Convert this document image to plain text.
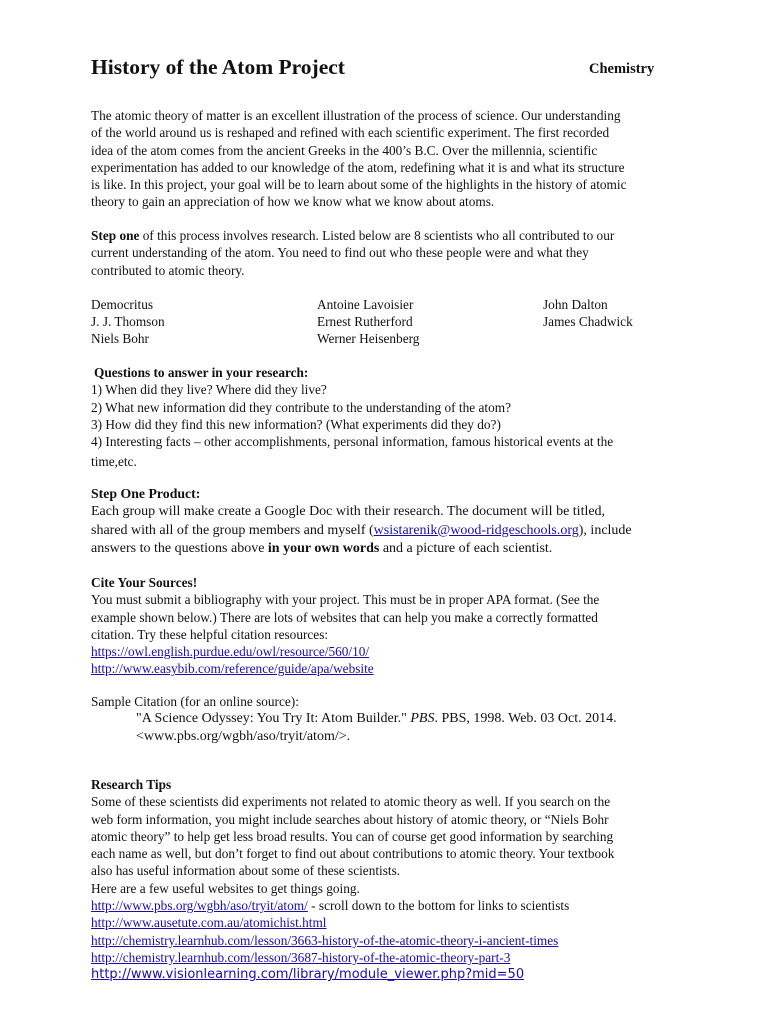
History of the Atom Project	Chemistry
The atomic theory of matter is an excellent illustration of the process of science. Our understanding
of the world around us is reshaped and refined with each scientific experiment. The first recorded
idea of the atom comes from the ancient Greeks in the 400’s B.C. Over the millennia, scientific
experimentation has added to our knowledge of the atom, redefining what it is and what its structure
is like. In this project, your goal will be to learn about some of the highlights in the history of atomic
theory to gain an appreciation of how we know what we know about atoms.
Step one of this process involves research. Listed below are 8 scientists who all contributed to our
current understanding of the atom. You need to find out who these people were and what they
contributed to atomic theory.
Democritus
J. J. Thomson
Niels Bohr
Antoine Lavoisier
Ernest Rutherford
Werner Heisenberg
John Dalton
James Chadwick
Questions to answer in your research:
1) When did they live? Where did they live?
2) What new information did they contribute to the understanding of the atom?
3) How did they find this new information? (What experiments did they do?)
4) Interesting facts – other accomplishments, personal information, famous historical events at the
time,etc.
Step One Product:
Each group will make create a Google Doc with their research. The document will be titled,
shared with all of the group members and myself (wsistarenik@wood-ridgeschools.org), include
answers to the questions above in your own words and a picture of each scientist.
Cite Your Sources!
You must submit a bibliography with your project. This must be in proper APA format. (See the
example shown below.) There are lots of websites that can help you make a correctly formatted
citation. Try these helpful citation resources:
https://owl.english.purdue.edu/owl/resource/560/10/
http://www.easybib.com/reference/guide/apa/website
Sample Citation (for an online source):
"A Science Odyssey: You Try It: Atom Builder." PBS. PBS, 1998. Web. 03 Oct. 2014.
<www.pbs.org/wgbh/aso/tryit/atom/>.
Research Tips
Some of these scientists did experiments not related to atomic theory as well. If you search on the
web form information, you might include searches about history of atomic theory, or “Niels Bohr
atomic theory” to help get less broad results. You can of course get good information by searching
each name as well, but don’t forget to find out about contributions to atomic theory. Your textbook
also has useful information about some of these scientists.
Here are a few useful websites to get things going.
http://www.pbs.org/wgbh/aso/tryit/atom/ - scroll down to the bottom for links to scientists
http://www.ausetute.com.au/atomichist.html
http://chemistry.learnhub.com/lesson/3663-history-of-the-atomic-theory-i-ancient-times
http://chemistry.learnhub.com/lesson/3687-history-of-the-atomic-theory-part-3
http://www.visionlearning.com/library/module_viewer.php?mid=50
